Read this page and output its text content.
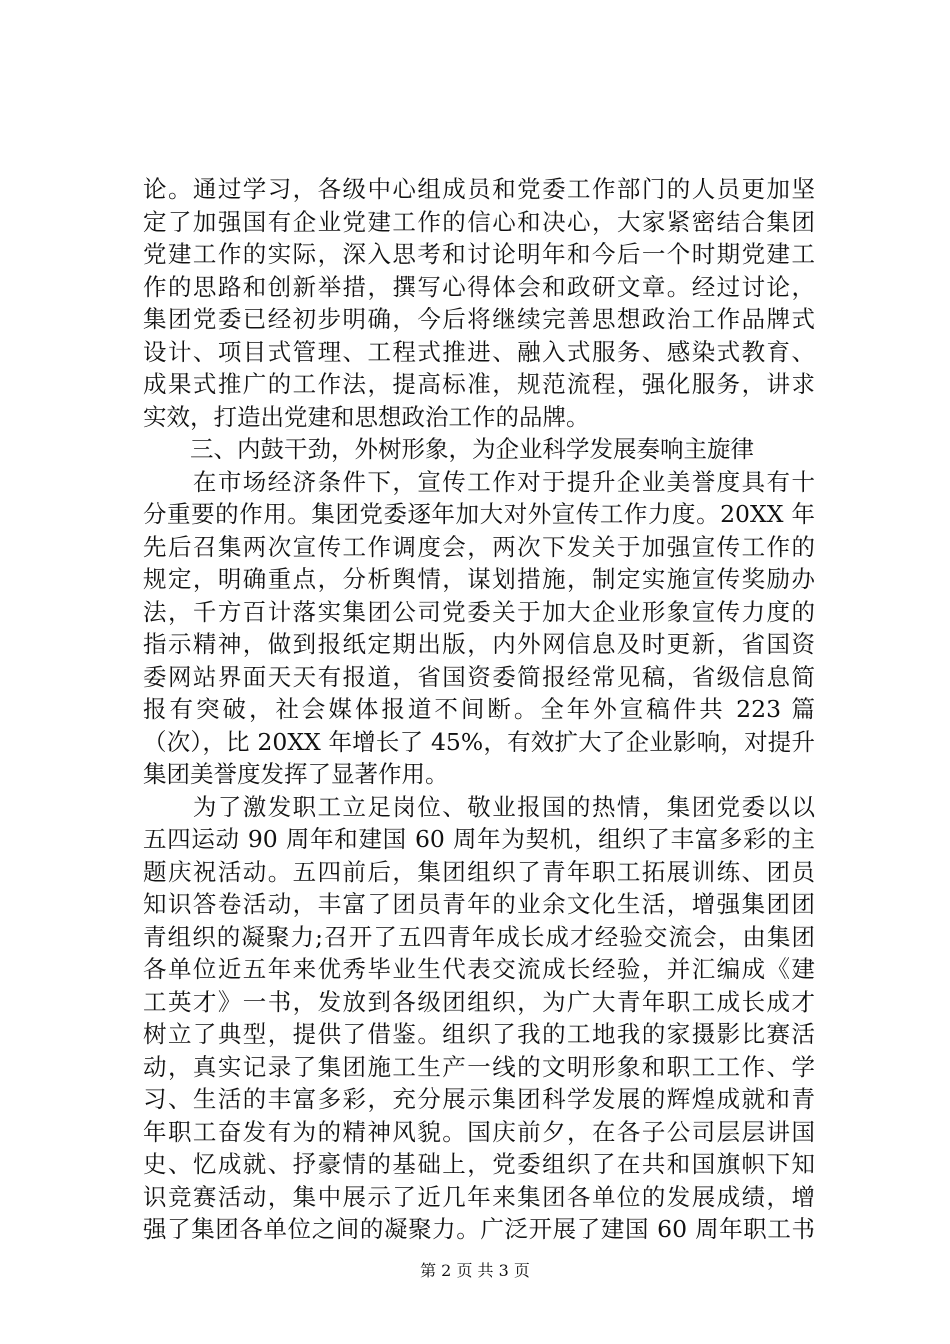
论。通过学习，各级中心组成员和党委工作部门的人员更加坚
定了加强国有企业党建工作的信心和决心，大家紧密结合集团
党建工作的实际，深入思考和讨论明年和今后一个时期党建工
作的思路和创新举措，撰写心得体会和政研文章。经过讨论，
集团党委已经初步明确，今后将继续完善思想政治工作品牌式
设计、项目式管理、工程式推进、融入式服务、感染式教育、
成果式推广的工作法，提高标准，规范流程，强化服务，讲求
实效，打造出党建和思想政治工作的品牌。
　　三、内鼓干劲，外树形象，为企业科学发展奏响主旋律
　　在市场经济条件下，宣传工作对于提升企业美誉度具有十
分重要的作用。集团党委逐年加大对外宣传工作力度。20XX 年
先后召集两次宣传工作调度会，两次下发关于加强宣传工作的
规定，明确重点，分析舆情，谋划措施，制定实施宣传奖励办
法，千方百计落实集团公司党委关于加大企业形象宣传力度的
指示精神，做到报纸定期出版，内外网信息及时更新，省国资
委网站界面天天有报道，省国资委简报经常见稿，省级信息简
报有突破，社会媒体报道不间断。全年外宣稿件共 223 篇
（次），比 20XX 年增长了 45%，有效扩大了企业影响，对提升
集团美誉度发挥了显著作用。
　　为了激发职工立足岗位、敬业报国的热情，集团党委以以
五四运动 90 周年和建国 60 周年为契机，组织了丰富多彩的主
题庆祝活动。五四前后，集团组织了青年职工拓展训练、团员
知识答卷活动，丰富了团员青年的业余文化生活，增强集团团
青组织的凝聚力;召开了五四青年成长成才经验交流会，由集团
各单位近五年来优秀毕业生代表交流成长经验，并汇编成《建
工英才》一书，发放到各级团组织，为广大青年职工成长成才
树立了典型，提供了借鉴。组织了我的工地我的家摄影比赛活
动，真实记录了集团施工生产一线的文明形象和职工工作、学
习、生活的丰富多彩，充分展示集团科学发展的辉煌成就和青
年职工奋发有为的精神风貌。国庆前夕，在各子公司层层讲国
史、忆成就、抒豪情的基础上，党委组织了在共和国旗帜下知
识竞赛活动，集中展示了近几年来集团各单位的发展成绩，增
强了集团各单位之间的凝聚力。广泛开展了建国 60 周年职工书
第 2 页 共 3 页
